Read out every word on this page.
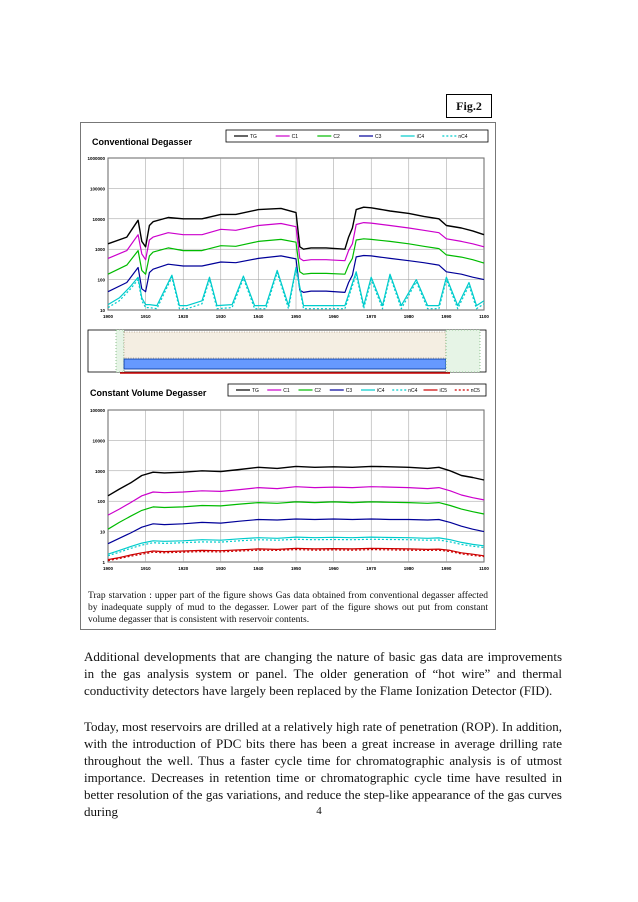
Conventional Degasser	TG	C1	C2	C3	iC4	nC4
1000000
100000
10000
1000
100
10
1900	1910	1920	1930	1940	1950	1960	1970	1980	1990	1100
Constant Volume Degasser	TG	C1	C2	C3	iC4	nC4	iC5	nC5
100000
10000
1000
100
10
1
1900	1910	1920	1930	1940	1950	1960	1970	1980	1990	1100
Fig.2
Trap starvation : upper part of the figure shows Gas data obtained from conventional degasser affected by inadequate supply of mud to the degasser. Lower part of the figure shows out put from constant volume degasser that is consistent with reservoir contents.
Additional developments that are changing the nature of basic gas data are improvements in the gas analysis system or panel. The older generation of “hot wire” and thermal conductivity detectors have largely been replaced by the Flame Ionization Detector (FID).
Today, most reservoirs are drilled at a relatively high rate of penetration (ROP). In addition, with the introduction of PDC bits there has been a great increase in average drilling rate throughout the well. Thus a faster cycle time for chromatographic analysis is of utmost importance. Decreases in retention time or chromatographic cycle time have resulted in better resolution of the gas variations, and reduce the step-like appearance of the gas curves during	4
